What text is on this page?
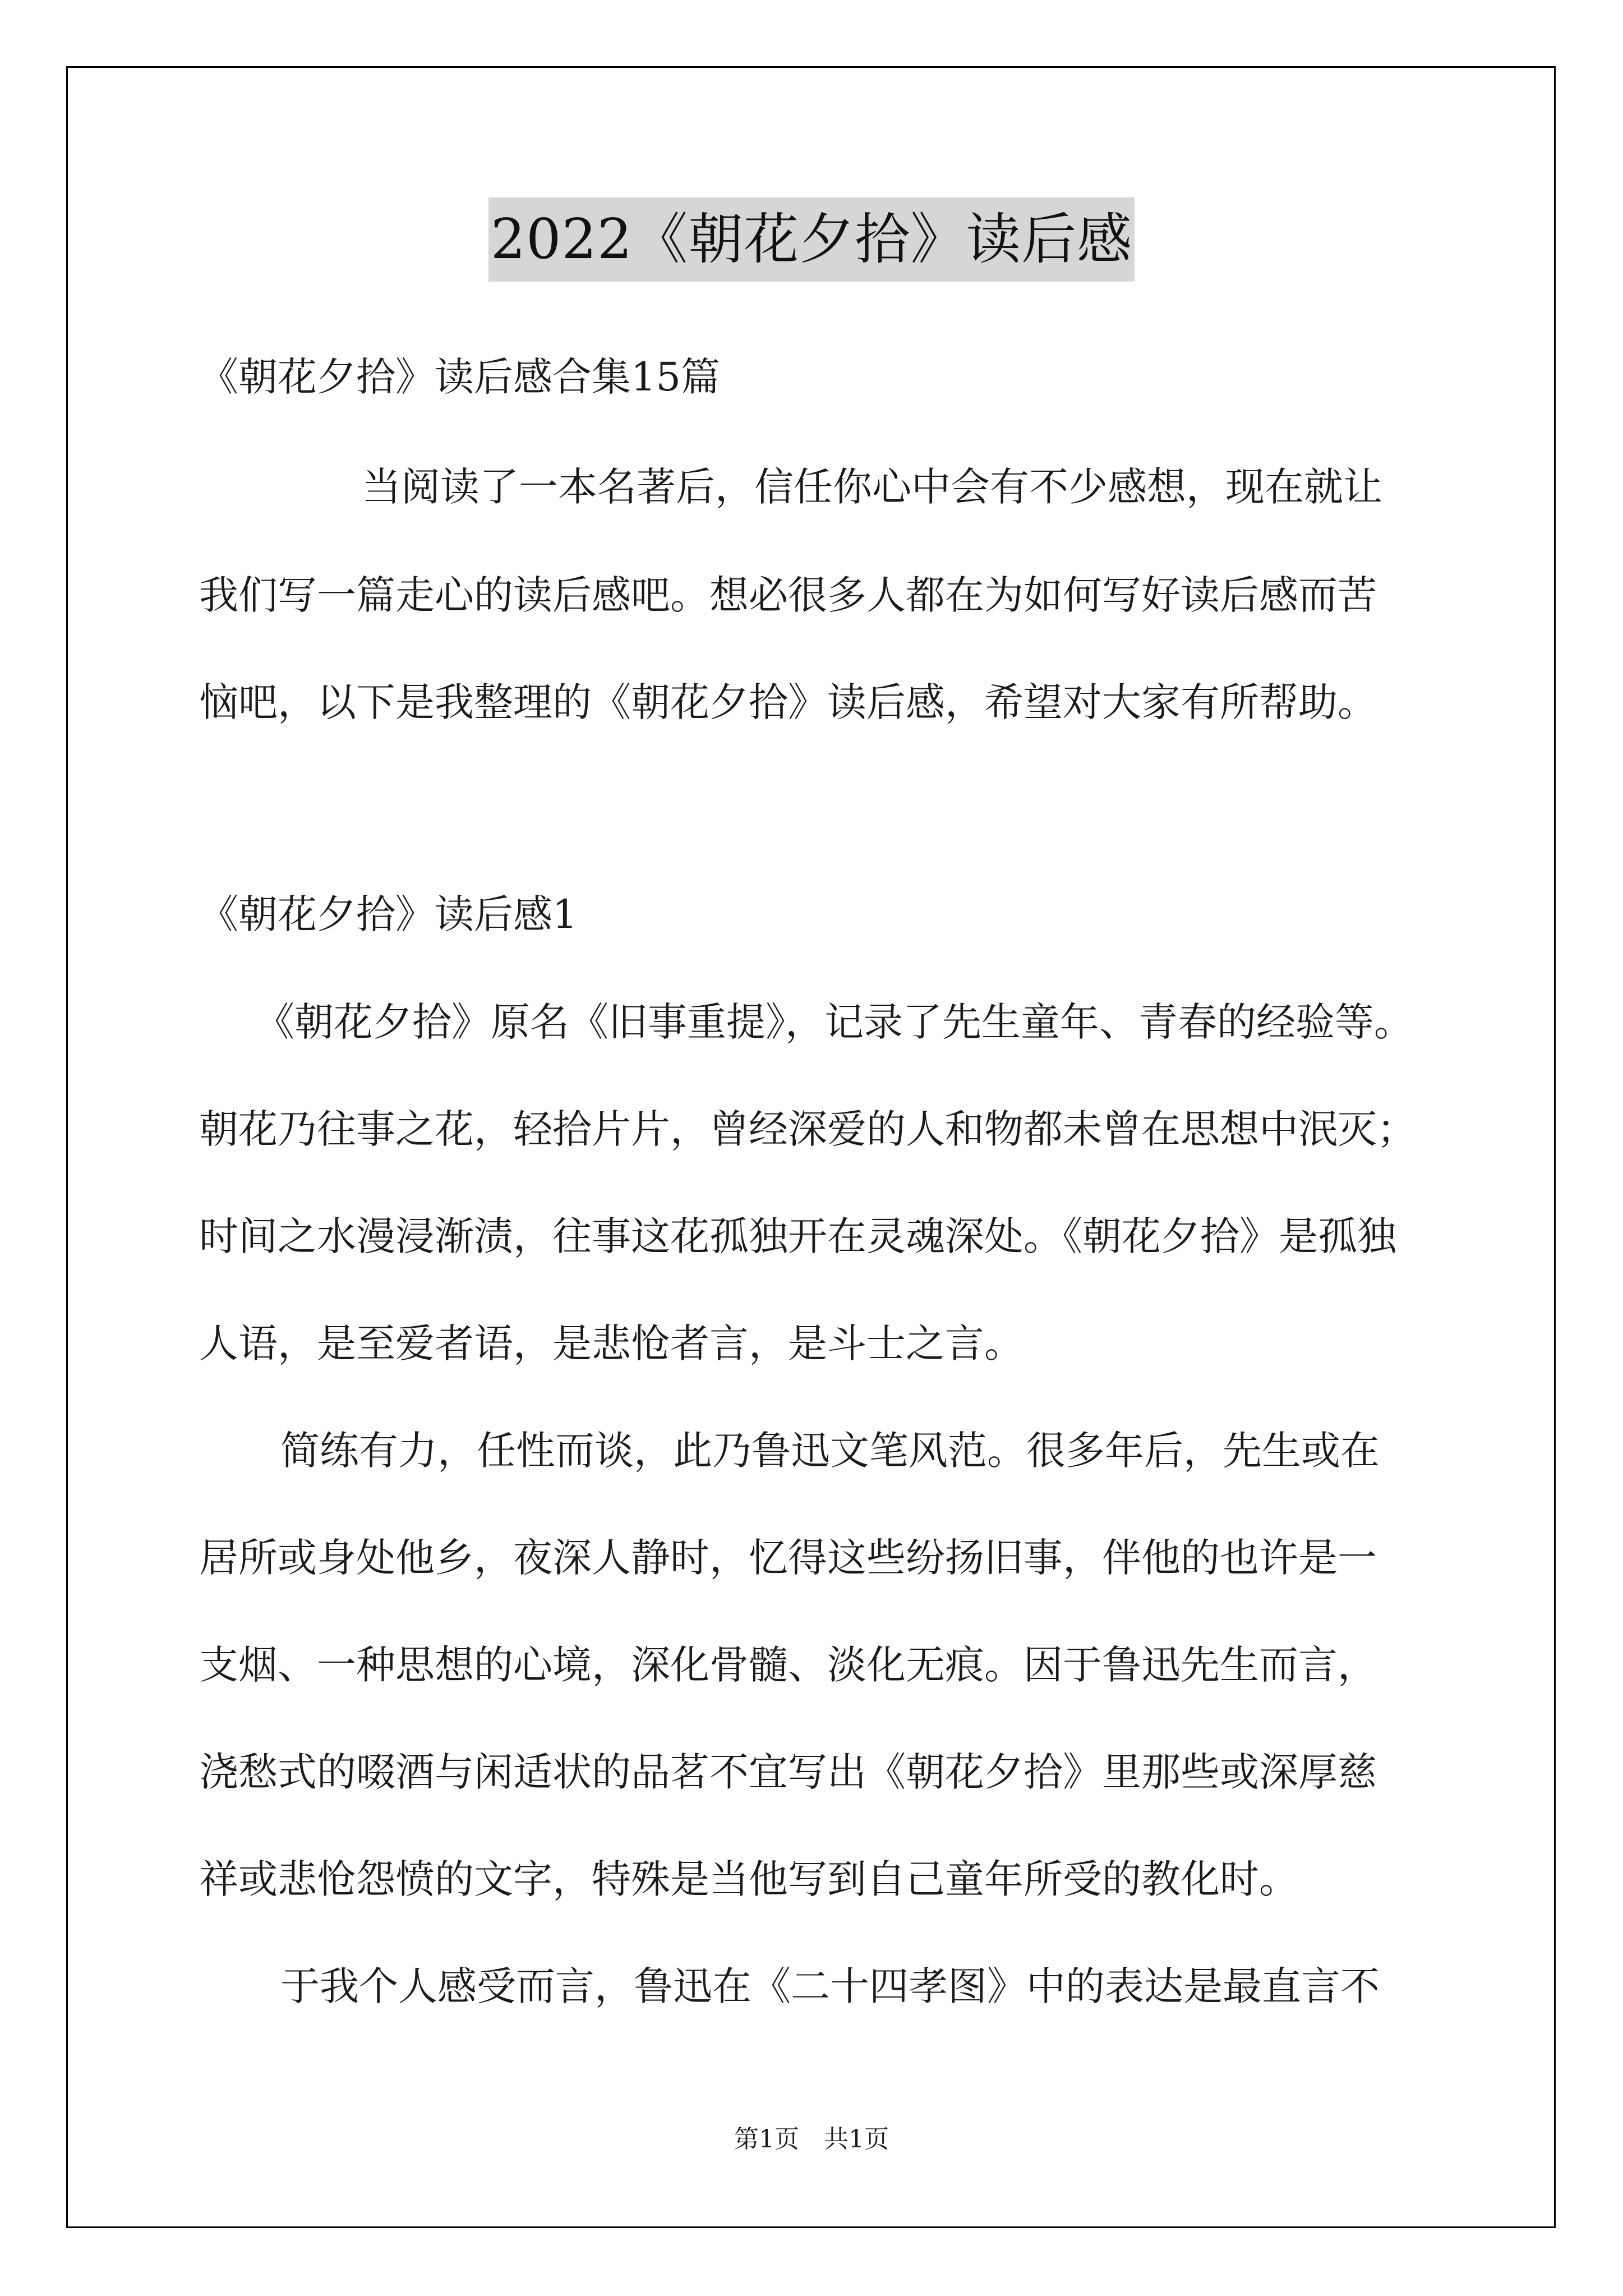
2022《朝花夕拾》读后感
《朝花夕拾》读后感合集15篇
当阅读了一本名著后，信任你心中会有不少感想，现在就让
我们写一篇走心的读后感吧。想必很多人都在为如何写好读后感而苦
恼吧，以下是我整理的《朝花夕拾》读后感，希望对大家有所帮助。
《朝花夕拾》读后感1
《朝花夕拾》原名《旧事重提》，记录了先生童年、青春的经验等。
朝花乃往事之花，轻拾片片，曾经深爱的人和物都未曾在思想中泯灭；
时间之水漫浸渐渍，往事这花孤独开在灵魂深处。《朝花夕拾》是孤独
人语，是至爱者语，是悲怆者言，是斗士之言。
简练有力，任性而谈，此乃鲁迅文笔风范。很多年后，先生或在
居所或身处他乡，夜深人静时，忆得这些纷扬旧事，伴他的也许是一
支烟、一种思想的心境，深化骨髓、淡化无痕。因于鲁迅先生而言，
浇愁式的啜酒与闲适状的品茗不宜写出《朝花夕拾》里那些或深厚慈
祥或悲怆怨愤的文字，特殊是当他写到自己童年所受的教化时。
于我个人感受而言，鲁迅在《二十四孝图》中的表达是最直言不
第1页　共1页
